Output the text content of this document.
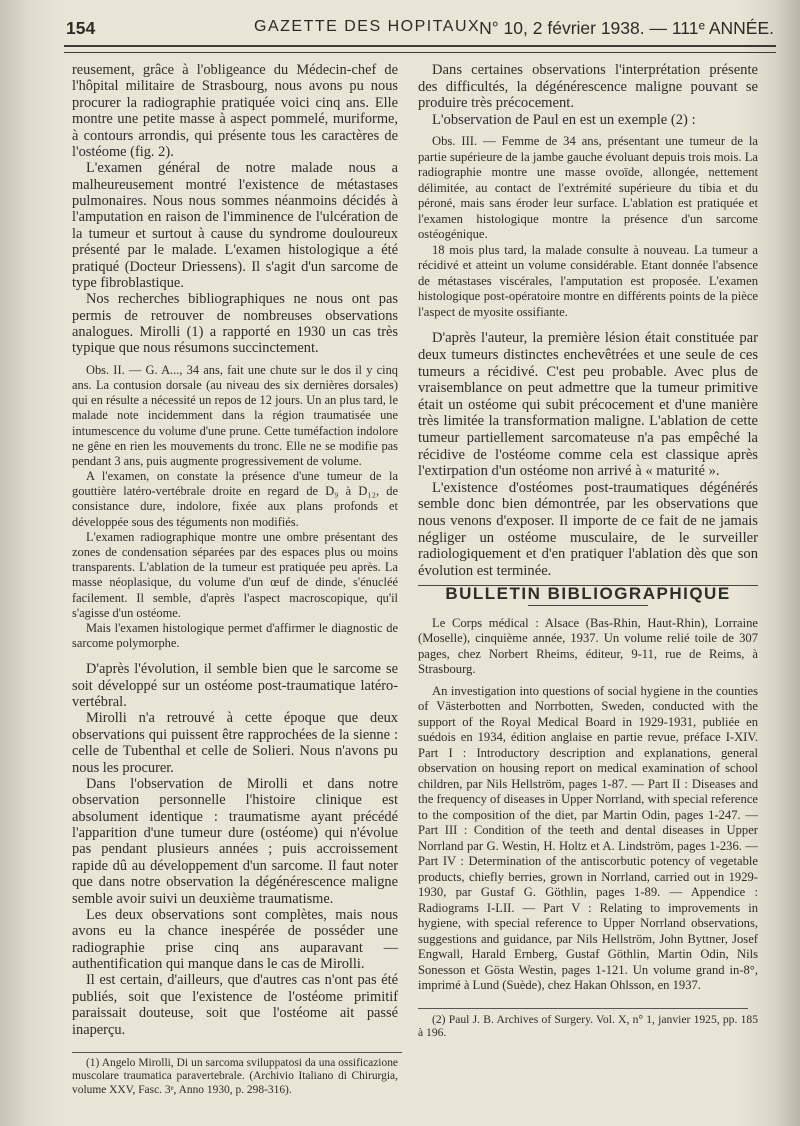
154	GAZETTE DES HOPITAUX
N° 10, 2 février 1938. — 111ᵉ ANNÉE.

reusement, grâce à l'obligeance du Médecin-chef de l'hôpital militaire de Strasbourg, nous avons pu nous procurer la radiographie pratiquée voici cinq ans. Elle montre une petite masse à aspect pommelé, muriforme, à contours arrondis, qui présente tous les caractères de l'ostéome (fig. 2).

L'examen général de notre malade nous a malheureusement montré l'existence de métastases pulmonaires. Nous nous sommes néanmoins décidés à l'amputation en raison de l'imminence de l'ulcération de la tumeur et surtout à cause du syndrome douloureux présenté par le malade. L'examen histologique a été pratiqué (Docteur Driessens). Il s'agit d'un sarcome de type fibroblastique.

Nos recherches bibliographiques ne nous ont pas permis de retrouver de nombreuses observations analogues. Mirolli (1) a rapporté en 1930 un cas très typique que nous résumons succinctement.

Obs. II. — G. A..., 34 ans, fait une chute sur le dos il y cinq ans. La contusion dorsale (au niveau des six dernières dorsales) qui en résulte a nécessité un repos de 12 jours. Un an plus tard, le malade note incidemment dans la région traumatisée une intumescence du volume d'une prune. Cette tuméfaction indolore ne gêne en rien les mouvements du tronc. Elle ne se modifie pas pendant 3 ans, puis augmente progressivement de volume.

A l'examen, on constate la présence d'une tumeur de la gouttière latéro-vertébrale droite en regard de D₉ à D₁₂, de consistance dure, indolore, fixée aux plans profonds et développée sous des téguments non modifiés.

L'examen radiographique montre une ombre présentant des zones de condensation séparées par des espaces plus ou moins transparents. L'ablation de la tumeur est pratiquée peu après. La masse néoplasique, du volume d'un œuf de dinde, s'énucléé facilement. Il semble, d'après l'aspect macroscopique, qu'il s'agisse d'un ostéome.

Mais l'examen histologique permet d'affirmer le diagnostic de sarcome polymorphe.

D'après l'évolution, il semble bien que le sarcome se soit développé sur un ostéome post-traumatique latéro-vertébral.

Mirolli n'a retrouvé à cette époque que deux observations qui puissent être rapprochées de la sienne : celle de Tubenthal et celle de Solieri. Nous n'avons pu nous les procurer.

Dans l'observation de Mirolli et dans notre observation personnelle l'histoire clinique est absolument identique : traumatisme ayant précédé l'apparition d'une tumeur dure (ostéome) qui n'évolue pas pendant plusieurs années ; puis accroissement rapide dû au développement d'un sarcome. Il faut noter que dans notre observation la dégénérescence maligne semble avoir suivi un deuxième traumatisme.

Les deux observations sont complètes, mais nous avons eu la chance inespérée de posséder une radiographie prise cinq ans auparavant — authentification qui manque dans le cas de Mirolli.

Il est certain, d'ailleurs, que d'autres cas n'ont pas été publiés, soit que l'existence de l'ostéome primitif paraissait douteuse, soit que l'ostéome ait passé inaperçu.

(1) Angelo Mirolli, Di un sarcoma sviluppatosi da una ossificazione muscolare traumatica paravertebrale. (Archivio Italiano di Chirurgia, volume XXV, Fasc. 3ᵉ, Anno 1930, p. 298-316).

Dans certaines observations l'interprétation présente des difficultés, la dégénérescence maligne pouvant se produire très précocement.

L'observation de Paul en est un exemple (2) :

Obs. III. — Femme de 34 ans, présentant une tumeur de la partie supérieure de la jambe gauche évoluant depuis trois mois. La radiographie montre une masse ovoïde, allongée, nettement délimitée, au contact de l'extrémité supérieure du tibia et du péroné, mais sans éroder leur surface. L'ablation est pratiquée et l'examen histologique montre la présence d'un sarcome ostéogénique.

18 mois plus tard, la malade consulte à nouveau. La tumeur a récidivé et atteint un volume considérable. Etant donnée l'absence de métastases viscérales, l'amputation est proposée. L'examen histologique post-opératoire montre en différents points de la pièce l'aspect de myosite ossifiante.

D'après l'auteur, la première lésion était constituée par deux tumeurs distinctes enchevêtrées et une seule de ces tumeurs a récidivé. C'est peu probable. Avec plus de vraisemblance on peut admettre que la tumeur primitive était un ostéome qui subit précocement et d'une manière très limitée la transformation maligne. L'ablation de cette tumeur partiellement sarcomateuse n'a pas empêché la récidive de l'ostéome comme cela est classique après l'extirpation d'un ostéome non arrivé à « maturité ».

L'existence d'ostéomes post-traumatiques dégénérés semble donc bien démontrée, par les observations que nous venons d'exposer. Il importe de ce fait de ne jamais négliger un ostéome musculaire, de le surveiller radiologiquement et d'en pratiquer l'ablation dès que son évolution est terminée.

BULLETIN BIBLIOGRAPHIQUE

Le Corps médical : Alsace (Bas-Rhin, Haut-Rhin), Lorraine (Moselle), cinquième année, 1937. Un volume relié toile de 307 pages, chez Norbert Rheims, éditeur, 9-11, rue de Reims, à Strasbourg.

An investigation into questions of social hygiene in the counties of Västerbotten and Norrbotten, Sweden, conducted with the support of the Royal Medical Board in 1929-1931, publiée en suédois en 1934, édition anglaise en partie revue, préface I-XIV. Part I : Introductory description and explanations, general observation on housing report on medical examination of school children, par Nils Hellström, pages 1-87. — Part II : Diseases and the frequency of diseases in Upper Norrland, with special reference to the composition of the diet, par Martin Odin, pages 1-247. — Part III : Condition of the teeth and dental diseases in Upper Norrland par G. Westin, H. Holtz et A. Lindström, pages 1-236. — Part IV : Determination of the antiscorbutic potency of vegetable products, chiefly berries, grown in Norrland, carried out in 1929-1930, par Gustaf G. Göthlin, pages 1-89. — Appendice : Radiograms I-LII. — Part V : Relating to improvements in hygiene, with special reference to Upper Norrland observations, suggestions and guidance, par Nils Hellström, John Byttner, Josef Engwall, Harald Ernberg, Gustaf Göthlin, Martin Odin, Nils Sonesson et Gösta Westin, pages 1-121. Un volume grand in-8°, imprimé à Lund (Suède), chez Hakan Ohlsson, en 1937.

(2) Paul J. B. Archives of Surgery. Vol. X, n° 1, janvier 1925, pp. 185 à 196.
